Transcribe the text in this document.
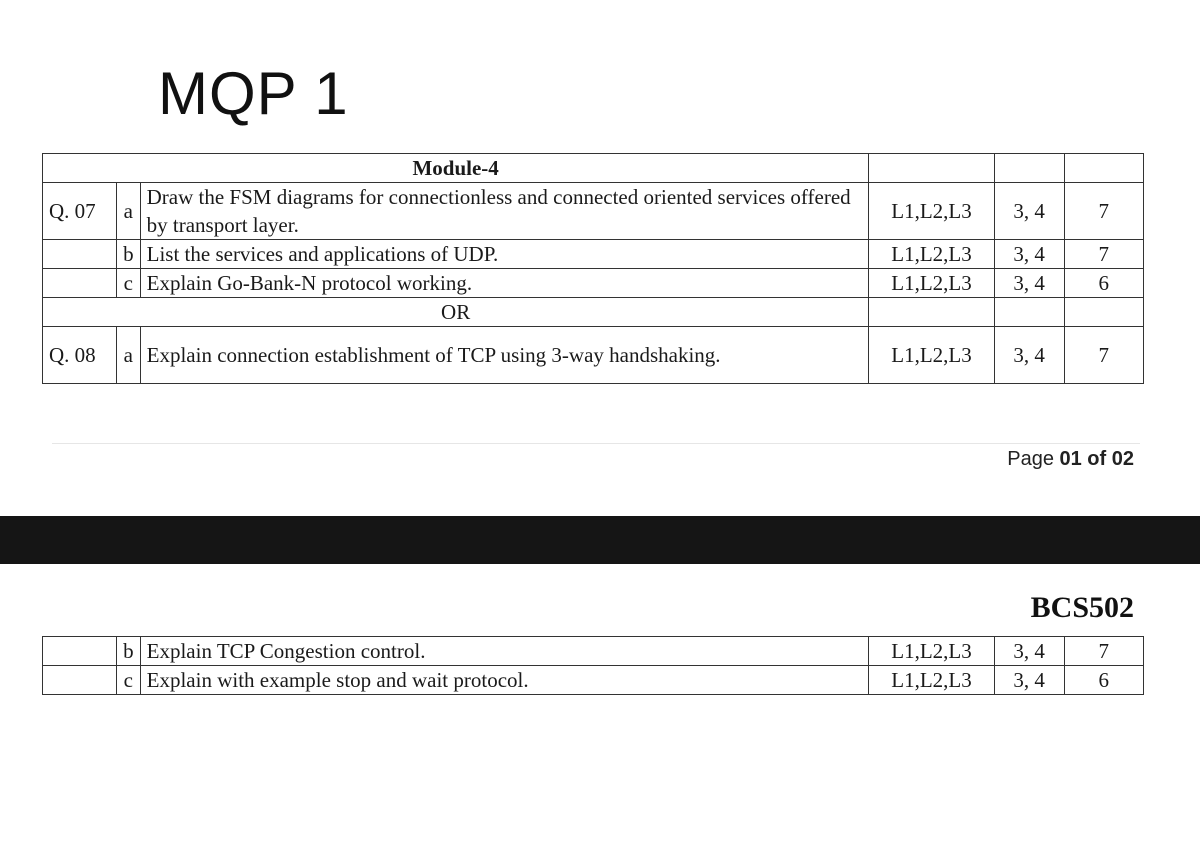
MQP 1
Module-4					
Q. 07	a	Draw the FSM diagrams for connectionless and connected oriented services offered by transport layer.	L1,L2,L3	3, 4	7
	b	List the services and applications of UDP.	L1,L2,L3	3, 4	7
	c	Explain Go-Bank-N protocol working.	L1,L2,L3	3, 4	6
OR					
Q. 08	a	Explain connection establishment of TCP using 3-way handshaking.	L1,L2,L3	3, 4	7
Page 01 of 02
BCS502
	b	Explain TCP Congestion control.	L1,L2,L3	3, 4	7
	c	Explain with example stop and wait protocol.	L1,L2,L3	3, 4	6
